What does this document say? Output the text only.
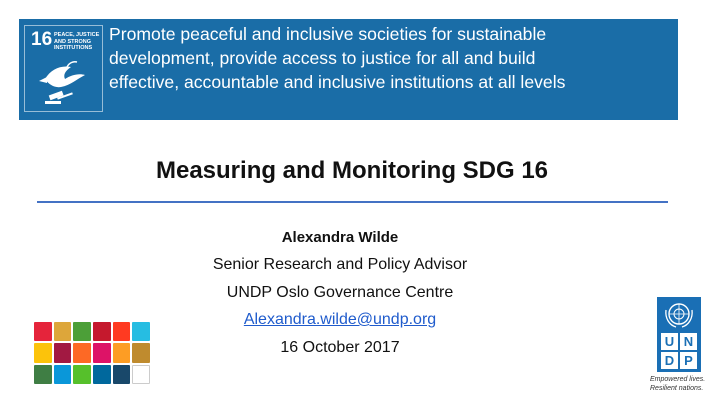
16 PEACE, JUSTICE
AND STRONG
INSTITUTIONS
Promote peaceful and inclusive societies for sustainable
development, provide access to justice for all and build
effective, accountable and inclusive institutions at all levels
Measuring and Monitoring SDG 16
Alexandra Wilde
Senior Research and Policy Advisor
UNDP Oslo Governance Centre
Alexandra.wilde@undp.org
16 October 2017	U N
D P
Empowered lives.
Resilient nations.
